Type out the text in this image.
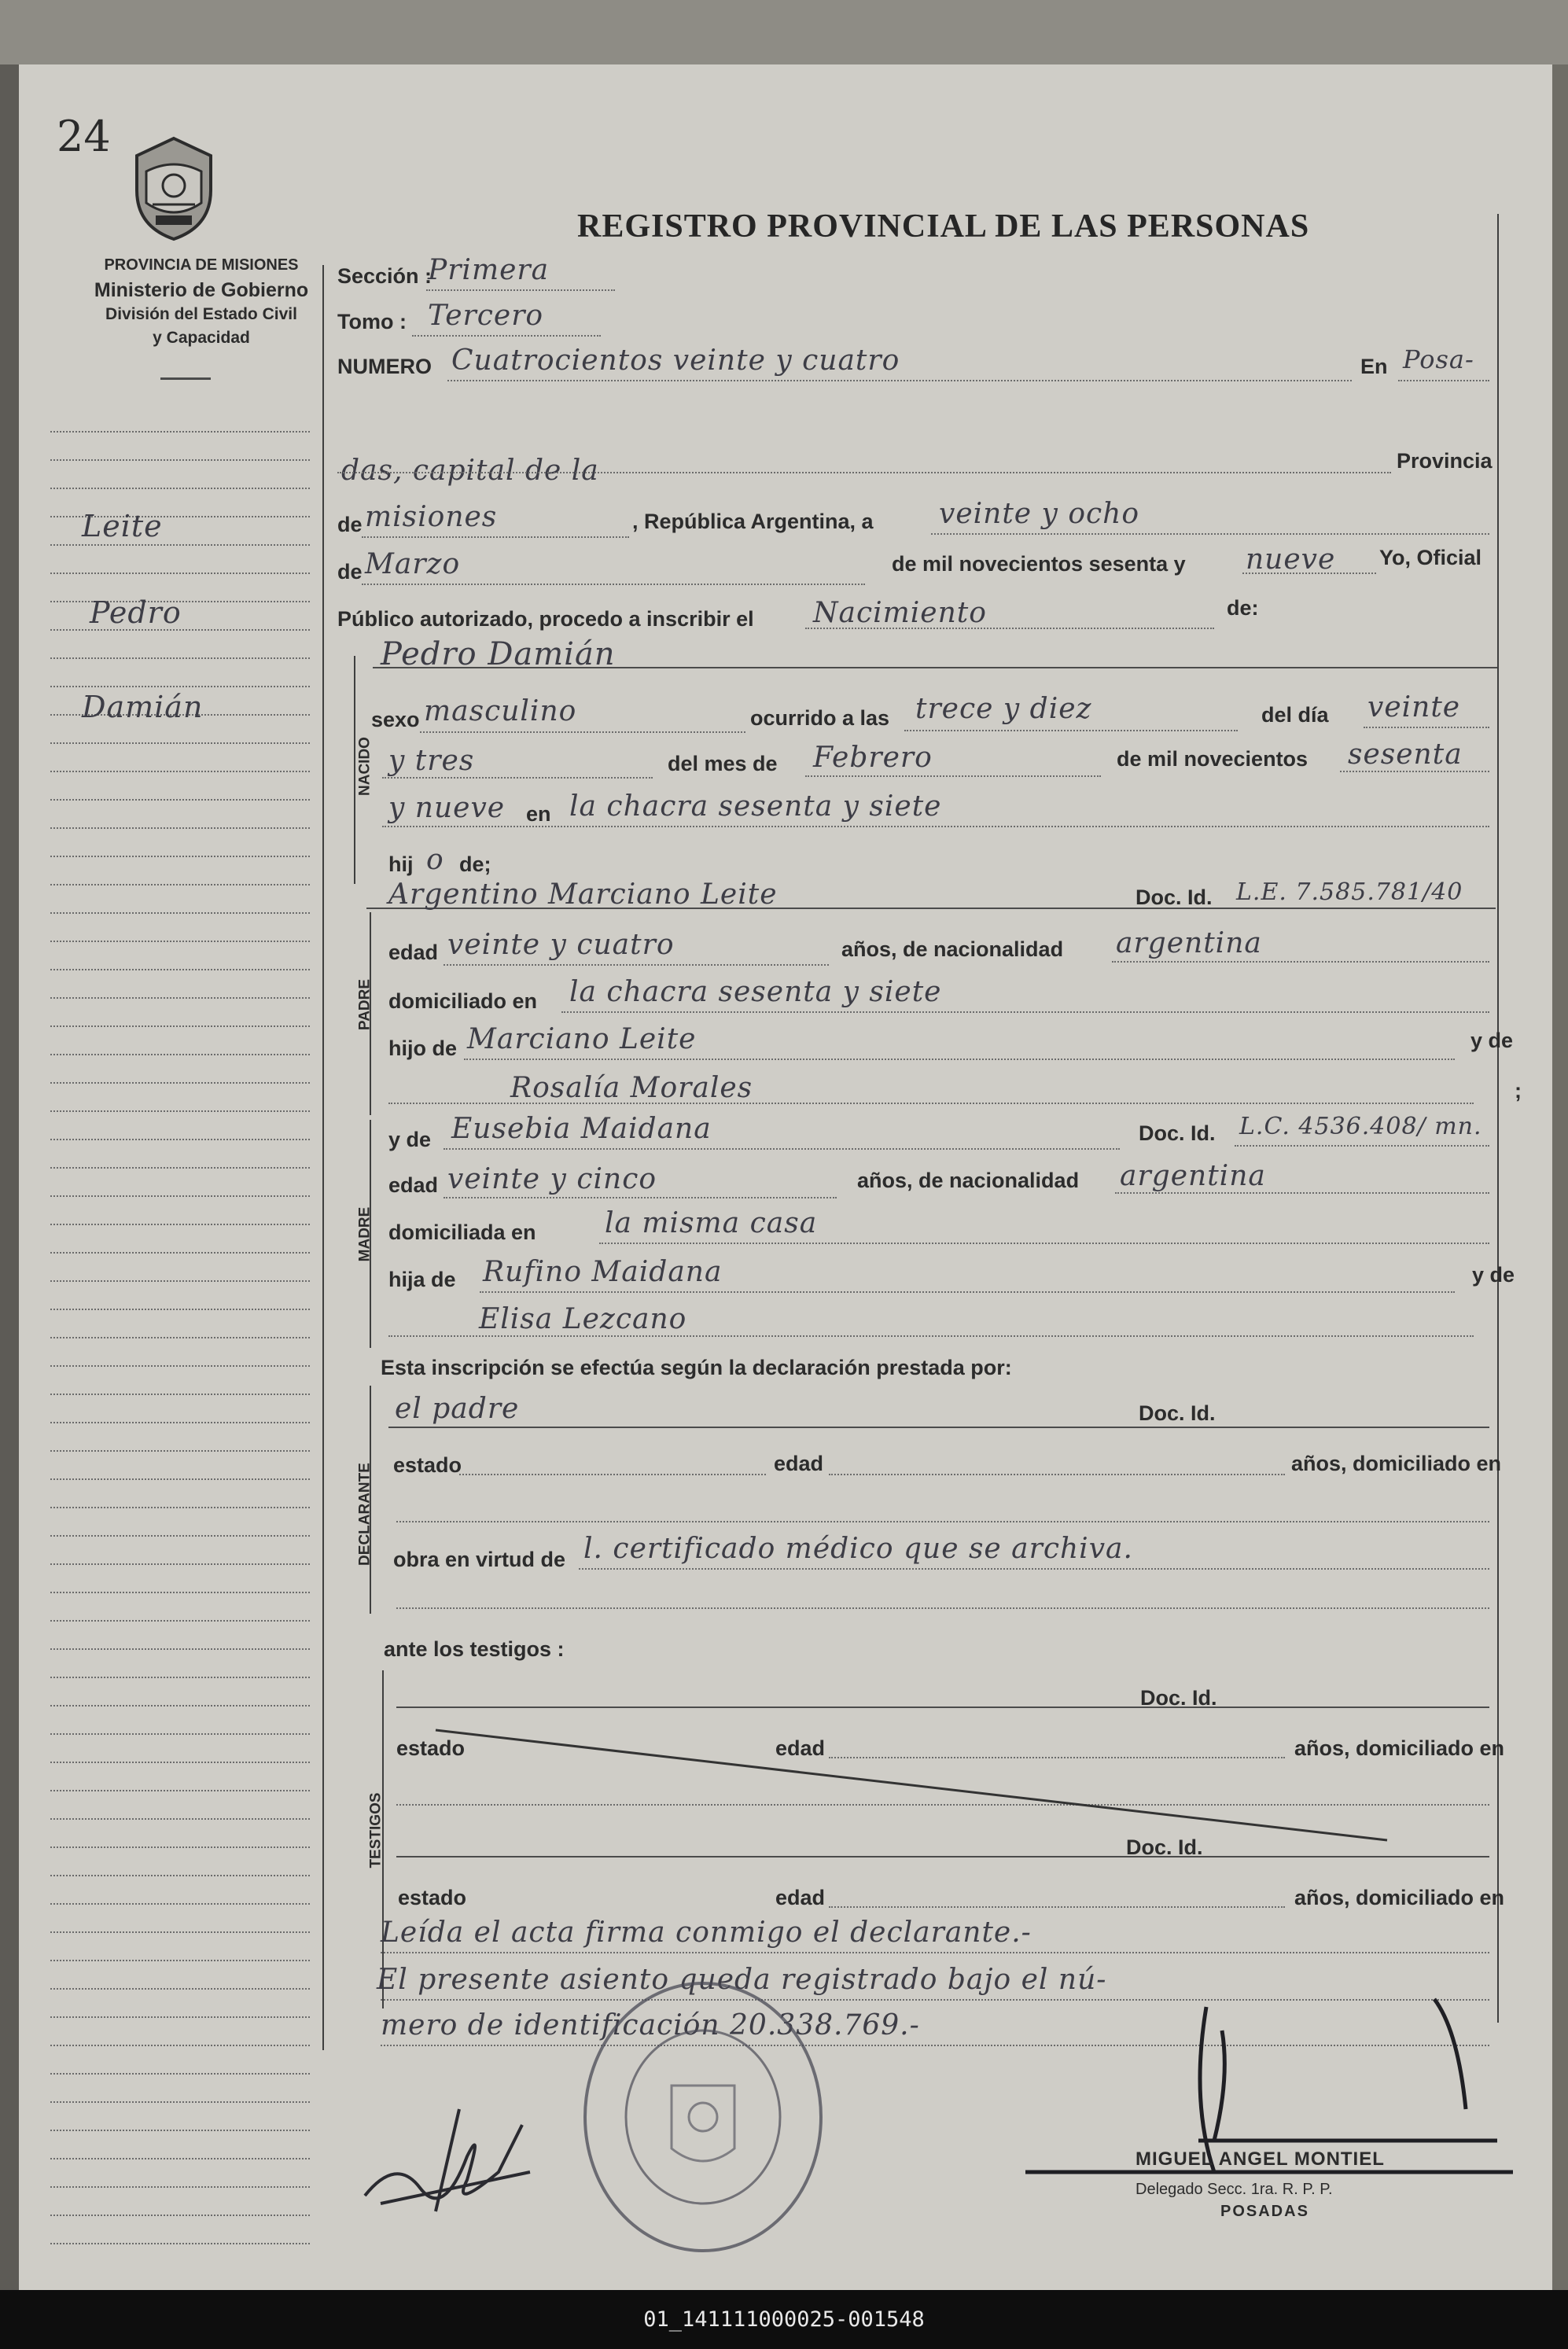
24
REGISTRO PROVINCIAL DE LAS PERSONAS
PROVINCIA DE MISIONES
Ministerio de Gobierno
División del Estado Civil
y Capacidad
Leite
Pedro
Damián
Sección :
Primera
Tomo : Tercero
NUMERO Cuatrocientos veinte y cuatro	En Posa-
das, capital de la	Provincia
de misiones	, República Argentina, a veinte y ocho
de Marzo	de mil novecientos sesenta y nueve Yo, Oficial
Público autorizado, procedo a inscribir el Nacimiento	de:
NACIDO
Pedro Damián
sexo masculino	ocurrido a las trece y diez	del día veinte
y tres	del mes de Febrero	de mil novecientos sesenta
y nueve en la chacra sesenta y siete
hij o de;
PADRE
Argentino Marciano Leite	Doc. Id. L.E. 7.585.781/40
edad veinte y cuatro	años, de nacionalidad argentina
domiciliado en la chacra sesenta y siete
hijo de Marciano Leite	y de
Rosalía Morales	;
MADRE
y de Eusebia Maidana	Doc. Id. L.C. 4536.408/ mn.
edad veinte y cinco	años, de nacionalidad argentina
domiciliada en la misma casa
hija de Rufino Maidana	y de
Elisa Lezcano
Esta inscripción se efectúa según la declaración prestada por:
DECLARANTE
el padre	Doc. Id.
estado	edad	años, domiciliado en
obra en virtud de l. certificado médico que se archiva.
ante los testigos :
TESTIGOS
Doc. Id.
estado	edad	años, domiciliado en
Doc. Id.
estado	edad	años, domiciliado en
Leída el acta firma conmigo el declarante.-
El presente asiento queda registrado bajo el nú-
mero de identificación 20.338.769.-
MIGUEL ANGEL MONTIEL
Delegado Secc. 1ra. R. P. P.
POSADAS
01_141111000025-001548
